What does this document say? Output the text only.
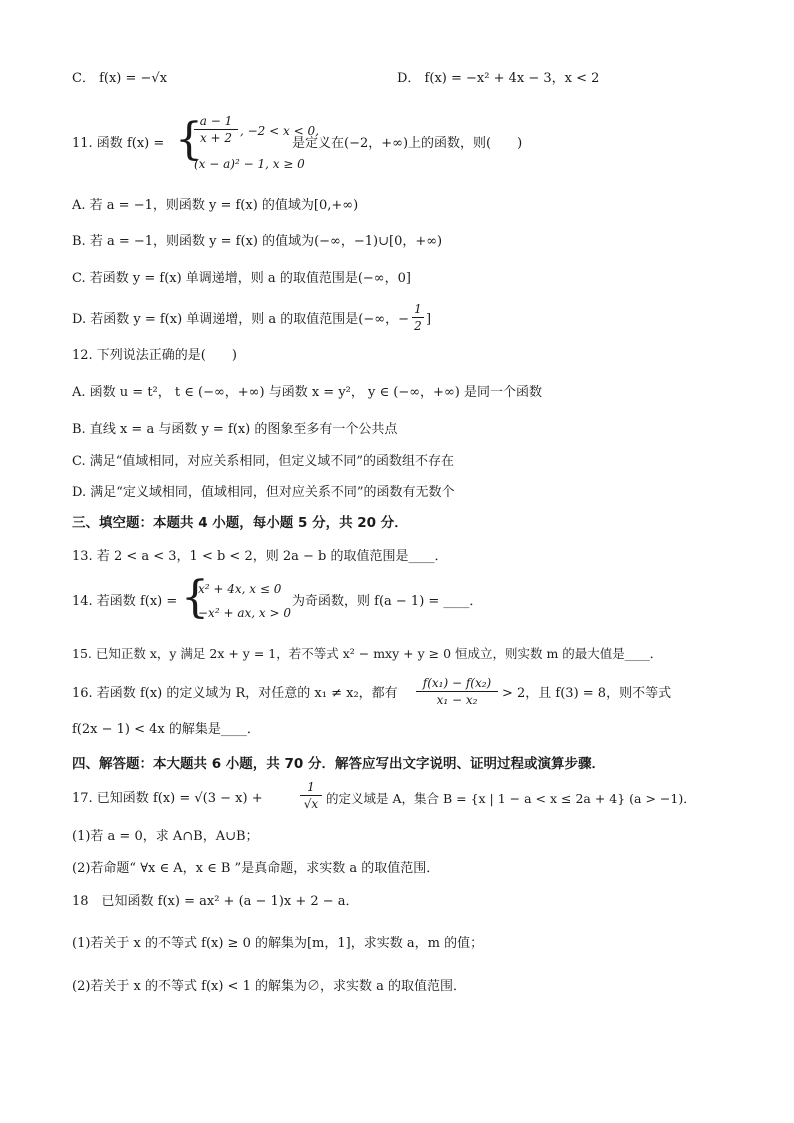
C． f(x) = −√x	D． f(x) = −x² + 4x − 3，x < 2
11. 函数 f(x) = {
a − 1
x + 2 , −2 < x < 0,
(x − a)² − 1, x ≥ 0
是定义在(−2，+∞)上的函数，则(　　)
A. 若 a = −1，则函数 y = f(x) 的值域为[0,+∞)
B. 若 a = −1，则函数 y = f(x) 的值域为(−∞，−1)∪[0，+∞)
C. 若函数 y = f(x) 单调递增，则 a 的取值范围是(−∞，0]
D. 若函数 y = f(x) 单调递增，则 a 的取值范围是(−∞，−
1
2 ]
12. 下列说法正确的是(　　)
A. 函数 u = t²， t ∈ (−∞，+∞) 与函数 x = y²， y ∈ (−∞，+∞) 是同一个函数
B. 直线 x = a 与函数 y = f(x) 的图象至多有一个公共点
C. 满足“值域相同，对应关系相同，但定义域不同”的函数组不存在
D. 满足“定义域相同，值域相同，但对应关系不同”的函数有无数个
三、填空题：本题共 4 小题，每小题 5 分，共 20 分．
13. 若 2 < a < 3，1 < b < 2，则 2a − b 的取值范围是____．
14. 若函数 f(x) = {
x² + 4x, x ≤ 0
−x² + ax, x > 0
为奇函数，则 f(a − 1) = ____．
15. 已知正数 x，y 满足 2x + y = 1，若不等式 x² − mxy + y ≥ 0 恒成立，则实数 m 的最大值是____．
16. 若函数 f(x) 的定义域为 R，对任意的 x₁ ≠ x₂，都有
f(x₁) − f(x₂)
x₁ − x₂	> 2，且 f(3) = 8，则不等式
f(2x − 1) < 4x 的解集是____．
四、解答题：本大题共 6 小题，共 70 分．解答应写出文字说明、证明过程或演算步骤．
17. 已知函数 f(x) = √(3 − x) +
1
√x 的定义域是 A，集合 B = {x | 1 − a < x ≤ 2a + 4} (a > −1)．
(1)若 a = 0，求 A∩B，A∪B；
(2)若命题“ ∀x ∈ A，x ∈ B ”是真命题，求实数 a 的取值范围．
18　已知函数 f(x) = ax² + (a − 1)x + 2 − a．
(1)若关于 x 的不等式 f(x) ≥ 0 的解集为[m，1]，求实数 a，m 的值；
(2)若关于 x 的不等式 f(x) < 1 的解集为∅，求实数 a 的取值范围．
